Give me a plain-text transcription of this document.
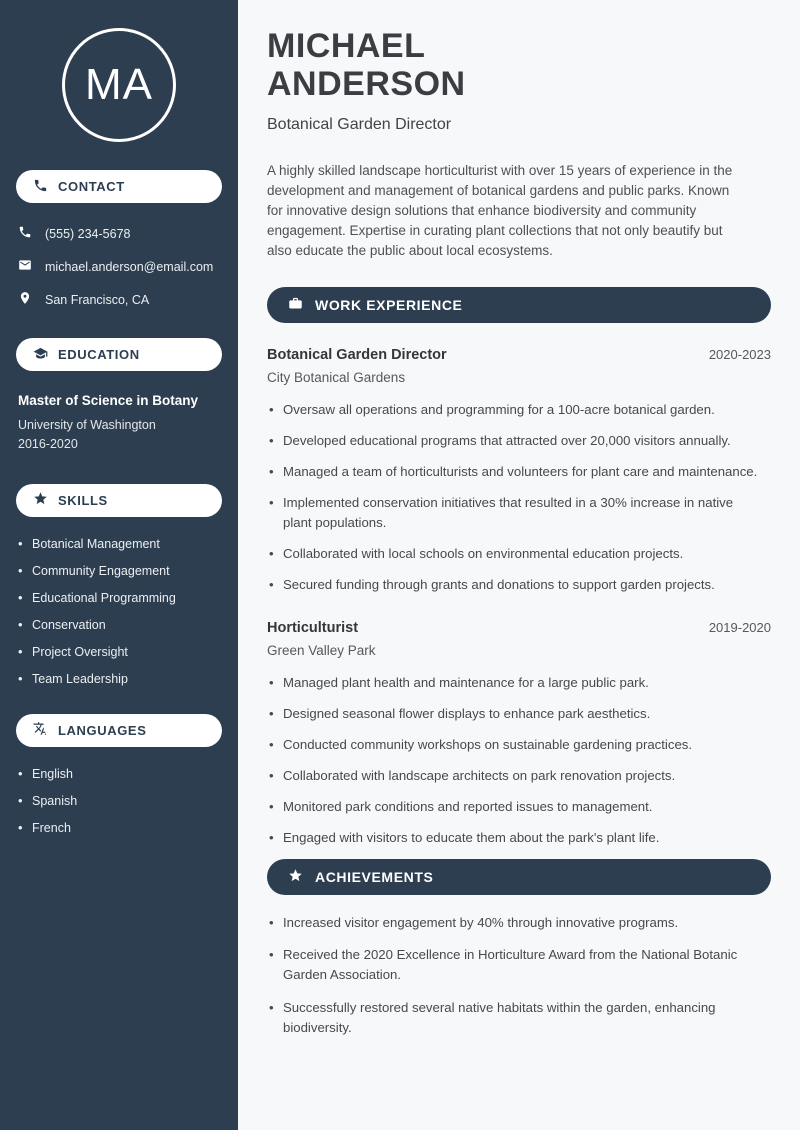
MA
CONTACT
(555) 234-5678
michael.anderson@email.com
San Francisco, CA
EDUCATION
Master of Science in Botany
University of Washington
2016-2020
SKILLS
• Botanical Management
• Community Engagement
• Educational Programming
• Conservation
• Project Oversight
• Team Leadership
LANGUAGES
• English
• Spanish
• French
MICHAEL
ANDERSON
Botanical Garden Director

A highly skilled landscape horticulturist with over 15 years of experience in the development and management of botanical gardens and public parks. Known for innovative design solutions that enhance biodiversity and community engagement. Expertise in curating plant collections that not only beautify but also educate the public about local ecosystems.

WORK EXPERIENCE
Botanical Garden Director	2020-2023
City Botanical Gardens
• Oversaw all operations and programming for a 100-acre botanical garden.
• Developed educational programs that attracted over 20,000 visitors annually.
• Managed a team of horticulturists and volunteers for plant care and maintenance.
• Implemented conservation initiatives that resulted in a 30% increase in native plant populations.
• Collaborated with local schools on environmental education projects.
• Secured funding through grants and donations to support garden projects.
Horticulturist	2019-2020
Green Valley Park
• Managed plant health and maintenance for a large public park.
• Designed seasonal flower displays to enhance park aesthetics.
• Conducted community workshops on sustainable gardening practices.
• Collaborated with landscape architects on park renovation projects.
• Monitored park conditions and reported issues to management.
• Engaged with visitors to educate them about the park's plant life.
ACHIEVEMENTS
• Increased visitor engagement by 40% through innovative programs.
• Received the 2020 Excellence in Horticulture Award from the National Botanic Garden Association.
• Successfully restored several native habitats within the garden, enhancing biodiversity.
